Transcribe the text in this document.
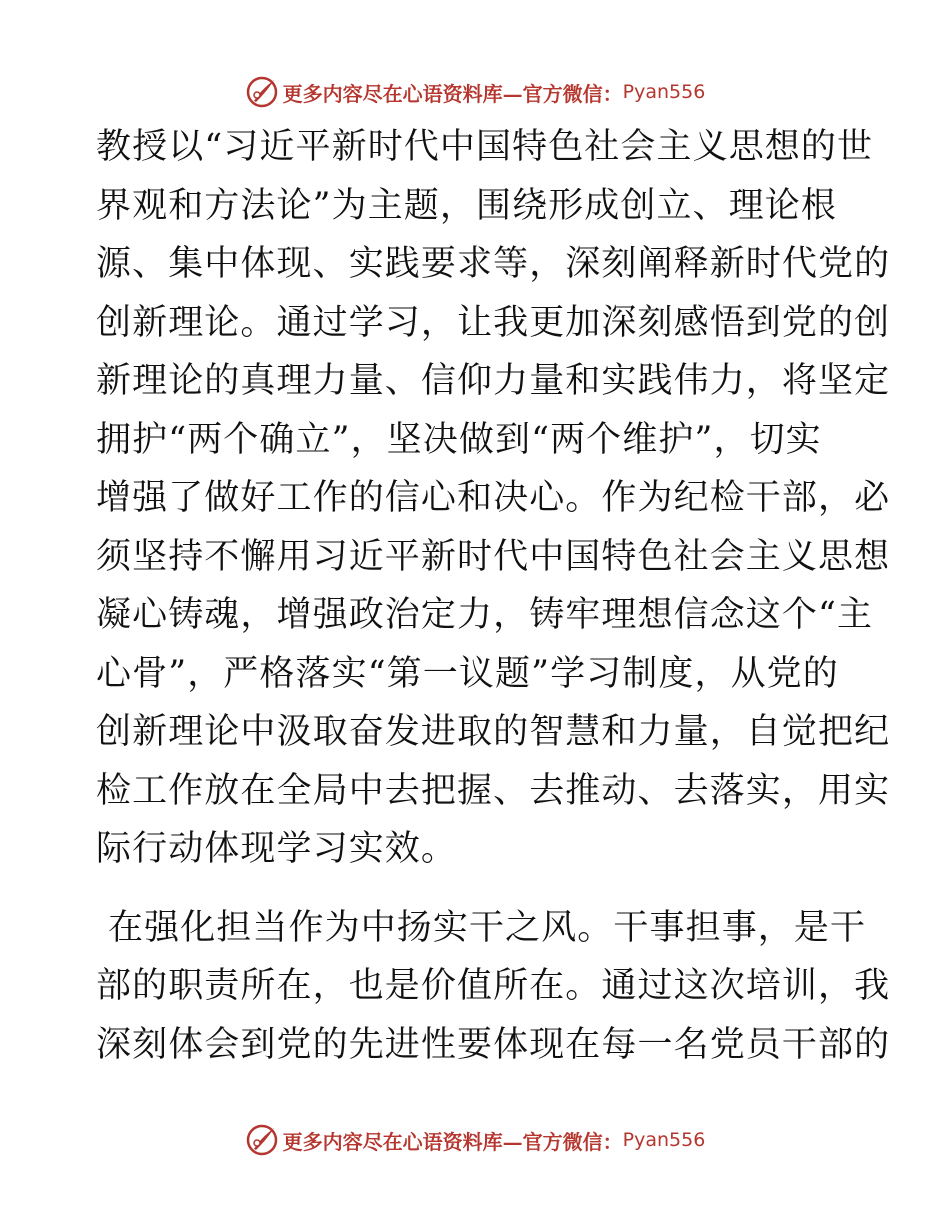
更多内容尽在心语资料库—官方微信： Pyan556
教授以“习近平新时代中国特色社会主义思想的世
界观和方法论”为主题，围绕形成创立、理论根
源、集中体现、实践要求等，深刻阐释新时代党的
创新理论。通过学习，让我更加深刻感悟到党的创
新理论的真理力量、信仰力量和实践伟力，将坚定
拥护“两个确立”，坚决做到“两个维护”，切实
增强了做好工作的信心和决心。作为纪检干部，必
须坚持不懈用习近平新时代中国特色社会主义思想
凝心铸魂，增强政治定力，铸牢理想信念这个“主
心骨”，严格落实“第一议题”学习制度，从党的
创新理论中汲取奋发进取的智慧和力量，自觉把纪
检工作放在全局中去把握、去推动、去落实，用实
际行动体现学习实效。
在强化担当作为中扬实干之风。干事担事，是干
部的职责所在，也是价值所在。通过这次培训，我
深刻体会到党的先进性要体现在每一名党员干部的
更多内容尽在心语资料库—官方微信： Pyan556
